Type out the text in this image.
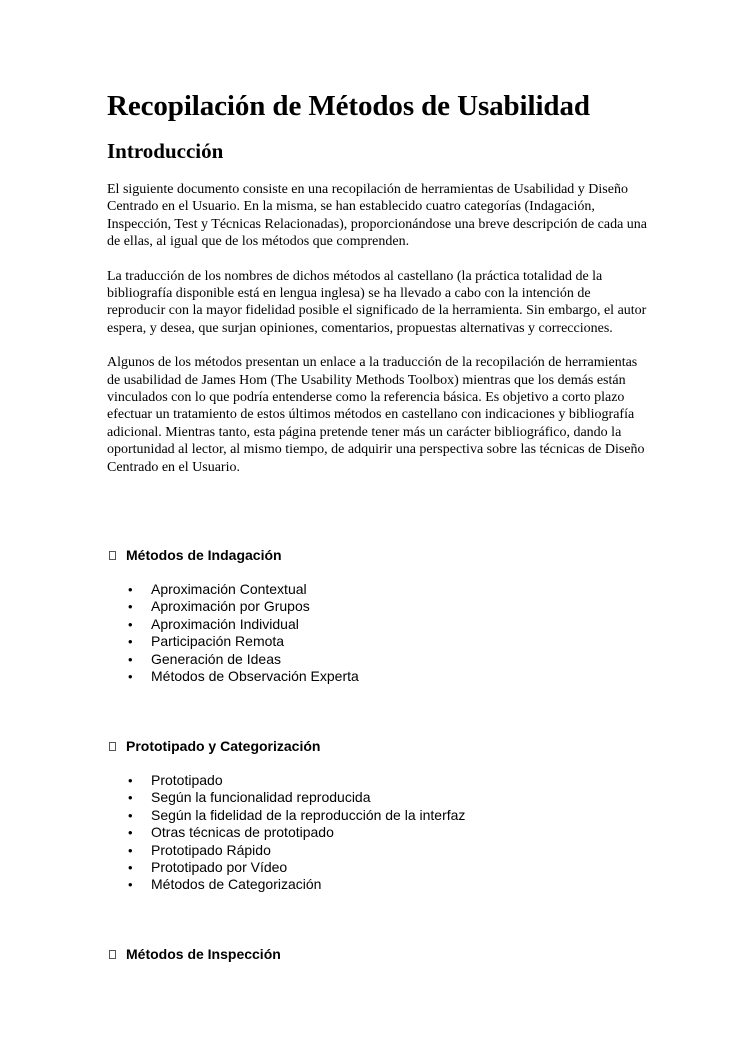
Recopilación de Métodos de Usabilidad
Introducción

El siguiente documento consiste en una recopilación de herramientas de Usabilidad y Diseño Centrado en el Usuario. En la misma, se han establecido cuatro categorías (Indagación, Inspección, Test y Técnicas Relacionadas), proporcionándose una breve descripción de cada una de ellas, al igual que de los métodos que comprenden.

La traducción de los nombres de dichos métodos al castellano (la práctica totalidad de la bibliografía disponible está en lengua inglesa) se ha llevado a cabo con la intención de reproducir con la mayor fidelidad posible el significado de la herramienta. Sin embargo, el autor espera, y desea, que surjan opiniones, comentarios, propuestas alternativas y correcciones.

Algunos de los métodos presentan un enlace a la traducción de la recopilación de herramientas de usabilidad de James Hom (The Usability Methods Toolbox) mientras que los demás están vinculados con lo que podría entenderse como la referencia básica. Es objetivo a corto plazo efectuar un tratamiento de estos últimos métodos en castellano con indicaciones y bibliografía adicional. Mientras tanto, esta página pretende tener más un carácter bibliográfico, dando la oportunidad al lector, al mismo tiempo, de adquirir una perspectiva sobre las técnicas de Diseño Centrado en el Usuario.

Métodos de Indagación
• Aproximación Contextual
• Aproximación por Grupos
• Aproximación Individual
• Participación Remota
• Generación de Ideas
• Métodos de Observación Experta
Prototipado y Categorización
• Prototipado
• Según la funcionalidad reproducida
• Según la fidelidad de la reproducción de la interfaz
• Otras técnicas de prototipado
• Prototipado Rápido
• Prototipado por Vídeo
• Métodos de Categorización
Métodos de Inspección
